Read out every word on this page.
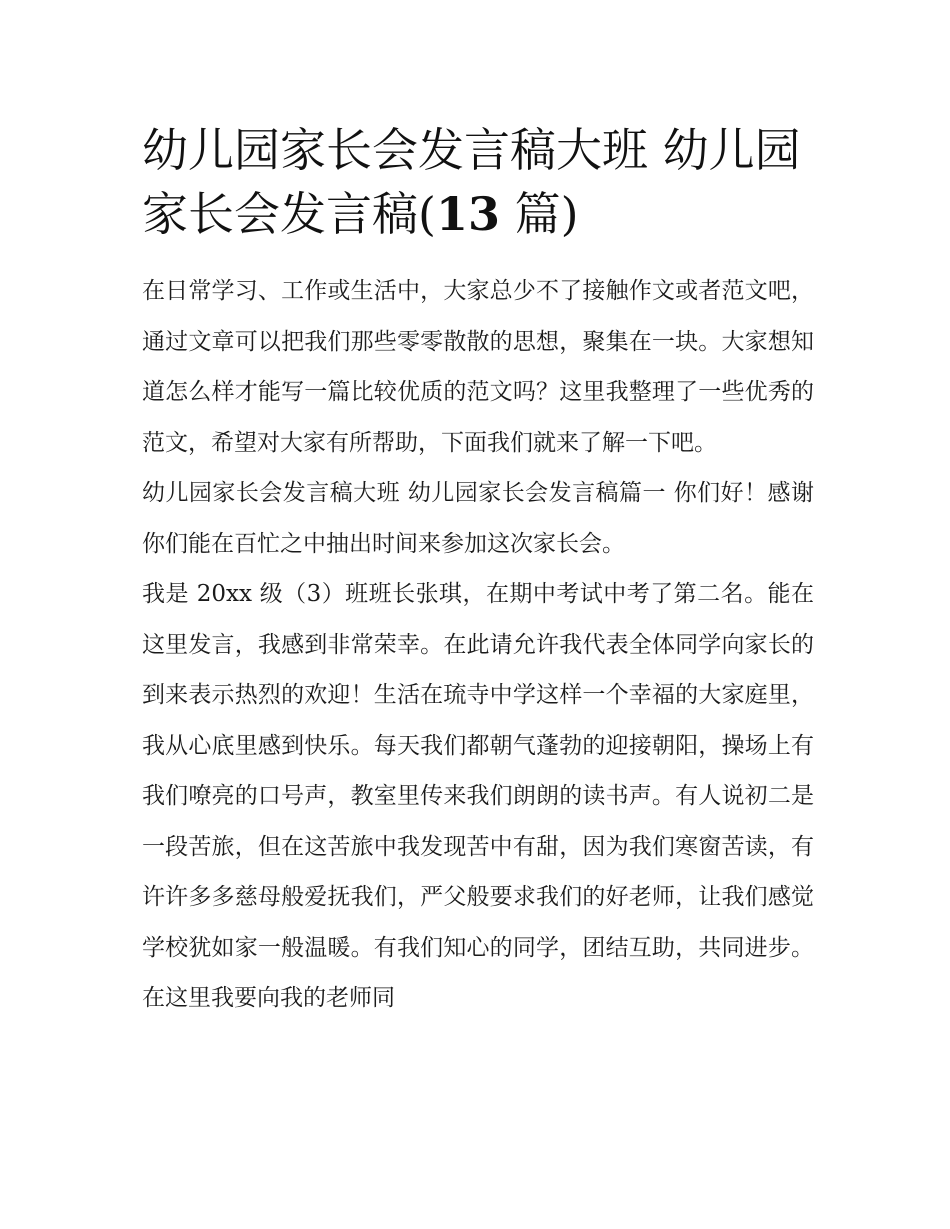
幼儿园家长会发言稿大班 幼儿园家长会发言稿(13 篇)

在日常学习、工作或生活中，大家总少不了接触作文或者范文吧，通过文章可以把我们那些零零散散的思想，聚集在一块。大家想知道怎么样才能写一篇比较优质的范文吗？这里我整理了一些优秀的范文，希望对大家有所帮助，下面我们就来了解一下吧。

幼儿园家长会发言稿大班 幼儿园家长会发言稿篇一 你们好！感谢你们能在百忙之中抽出时间来参加这次家长会。

我是 20xx 级（3）班班长张琪，在期中考试中考了第二名。能在这里发言，我感到非常荣幸。在此请允许我代表全体同学向家长的到来表示热烈的欢迎！生活在琉寺中学这样一个幸福的大家庭里，我从心底里感到快乐。每天我们都朝气蓬勃的迎接朝阳，操场上有我们嘹亮的口号声，教室里传来我们朗朗的读书声。有人说初二是一段苦旅，但在这苦旅中我发现苦中有甜，因为我们寒窗苦读，有许许多多慈母般爱抚我们，严父般要求我们的好老师，让我们感觉学校犹如家一般温暖。有我们知心的同学，团结互助，共同进步。在这里我要向我的老师同
